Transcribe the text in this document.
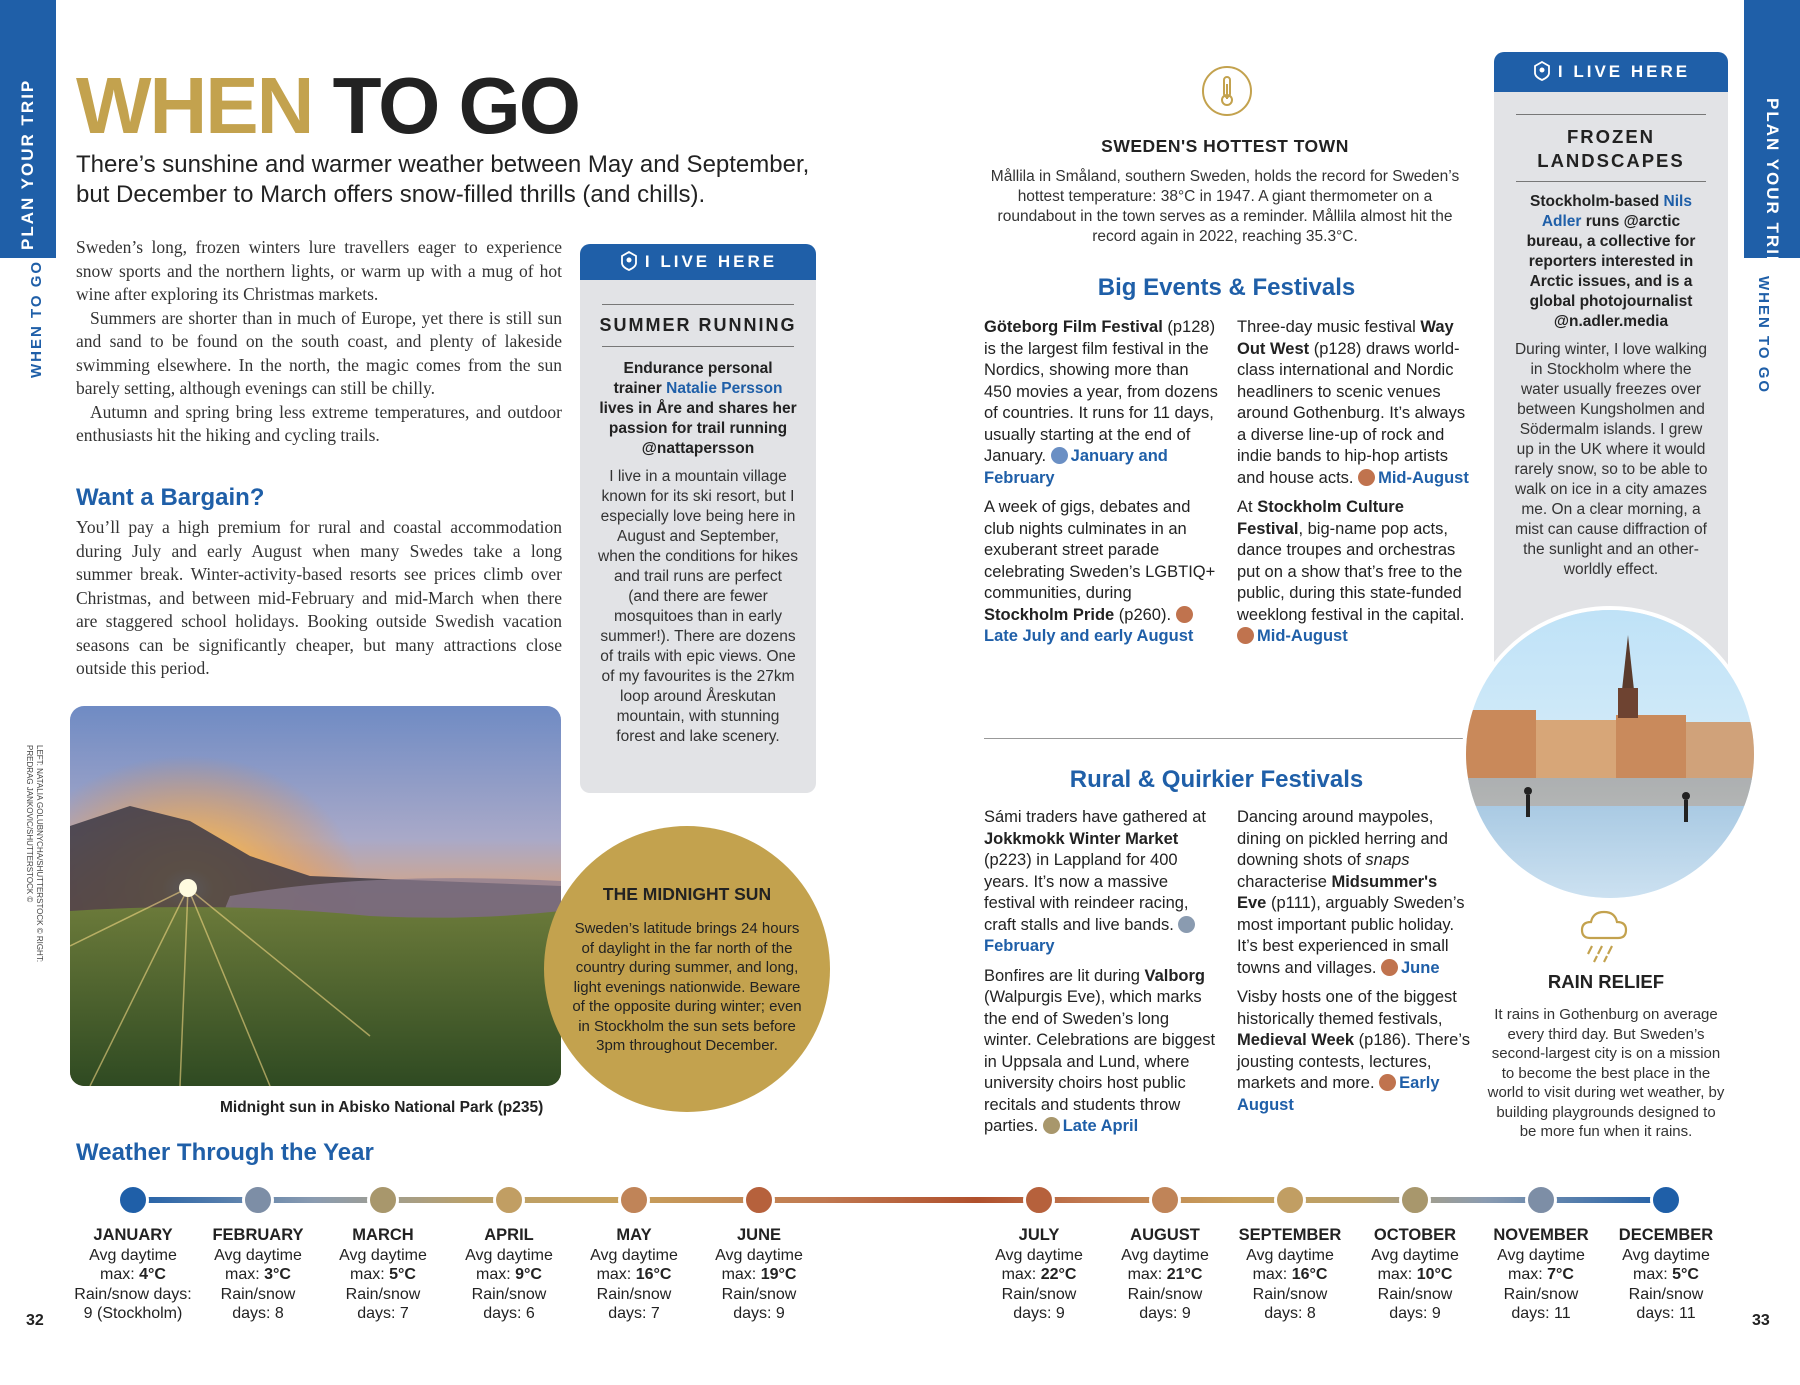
PLAN YOUR TRIP
WHEN TO GO
PLAN YOUR TRIP
WHEN TO GO
WHEN TO GO
There’s sunshine and warmer weather between May and September, but December to March offers snow-filled thrills (and chills).

Sweden’s long, frozen winters lure travellers eager to experience snow sports and the northern lights, or warm up with a mug of hot wine after exploring its Christmas markets.

Summers are shorter than in much of Europe, yet there is still sun and sand to be found on the south coast, and plenty of lakeside swimming elsewhere. In the north, the magic comes from the sun barely setting, although evenings can still be chilly.

Autumn and spring bring less extreme temperatures, and outdoor enthusiasts hit the hiking and cycling trails.

Want a Bargain?
You’ll pay a high premium for rural and coastal accommodation during July and early August when many Swedes take a long summer break. Winter-activity-based resorts see prices climb over Christmas, and between mid-February and mid-March when there are staggered school holidays. Booking outside Swedish vacation seasons can be significantly cheaper, but many attractions close outside this period.
I LIVE HERE
SUMMER RUNNING
Endurance personal trainer Natalie Persson lives in Åre and shares her passion for trail running @nattapersson
I live in a mountain village known for its ski resort, but I especially love being here in August and September, when the conditions for hikes and trail runs are perfect (and there are fewer mosquitoes than in early summer!). There are dozens of trails with epic views. One of my favourites is the 27km loop around Åreskutan mountain, with stunning forest and lake scenery.
LEFT: NATALIA GOLUBNYCHA/SHUTTERSTOCK © RIGHT: PREDRAG JANKOVIC/SHUTTERSTOCK ©
Midnight sun in Abisko National Park (p235)
THE MIDNIGHT SUN
Sweden’s latitude brings 24 hours of daylight in the far north of the country during summer, and long, light evenings nationwide. Beware of the opposite during winter; even in Stockholm the sun sets before 3pm throughout December.
SWEDEN'S HOTTEST TOWN
Mållila in Småland, southern Sweden, holds the record for Sweden’s hottest temperature: 38°C in 1947. A giant thermometer on a roundabout in the town serves as a reminder. Mållila almost hit the record again in 2022, reaching 35.3°C.
Big Events & Festivals

Göteborg Film Festival (p128) is the largest film festival in the Nordics, showing more than 450 movies a year, from dozens of countries. It runs for 11 days, usually starting at the end of January. January and February

A week of gigs, debates and club nights culminates in an exuberant street parade celebrating Sweden’s LGBTIQ+ communities, during Stockholm Pride (p260). Late July and early August

Three-day music festival Way Out West (p128) draws world-class international and Nordic headliners to scenic venues around Gothenburg. It’s always a diverse line-up of rock and indie bands to hip-hop artists and house acts. Mid-August

At Stockholm Culture Festival, big-name pop acts, dance troupes and orchestras put on a show that’s free to the public, during this state-funded weeklong festival in the capital. Mid-August

Rural & Quirkier Festivals

Sámi traders have gathered at Jokkmokk Winter Market (p223) in Lappland for 400 years. It’s now a massive festival with reindeer racing, craft stalls and live bands. February

Bonfires are lit during Valborg (Walpurgis Eve), which marks the end of Sweden’s long winter. Celebrations are biggest in Uppsala and Lund, where university choirs host public recitals and students throw parties. Late April

Dancing around maypoles, dining on pickled herring and downing shots of snaps characterise Midsummer's Eve (p111), arguably Sweden’s most important public holiday. It’s best experienced in small towns and villages. June

Visby hosts one of the biggest historically themed festivals, Medieval Week (p186). There’s jousting contests, lectures, markets and more. Early August

I LIVE HERE
FROZEN LANDSCAPES
Stockholm-based Nils Adler runs @arctic bureau, a collective for reporters interested in Arctic issues, and is a global photojournalist @n.adler.media
During winter, I love walking in Stockholm where the water usually freezes over between Kungsholmen and Södermalm islands. I grew up in the UK where it would rarely snow, so to be able to walk on ice in a city amazes me. On a clear morning, a mist can cause diffraction of the sunlight and an other-worldly effect.
RAIN RELIEF
It rains in Gothenburg on average every third day. But Sweden’s second-largest city is on a mission to become the best place in the world to visit during wet weather, by building playgrounds designed to be more fun when it rains.
Weather Through the Year
JANUARY
Avg daytime
max: 4°C
Rain/snow days:
9 (Stockholm)
FEBRUARY
Avg daytime
max: 3°C
Rain/snow
days: 8
MARCH
Avg daytime
max: 5°C
Rain/snow
days: 7
APRIL
Avg daytime
max: 9°C
Rain/snow
days: 6
MAY
Avg daytime
max: 16°C
Rain/snow
days: 7
JUNE
Avg daytime
max: 19°C
Rain/snow
days: 9
JULY
Avg daytime
max: 22°C
Rain/snow
days: 9
AUGUST
Avg daytime
max: 21°C
Rain/snow
days: 9
SEPTEMBER
Avg daytime
max: 16°C
Rain/snow
days: 8
OCTOBER
Avg daytime
max: 10°C
Rain/snow
days: 9
NOVEMBER
Avg daytime
max: 7°C
Rain/snow
days: 11
DECEMBER
Avg daytime
max: 5°C
Rain/snow
days: 11
32	33
